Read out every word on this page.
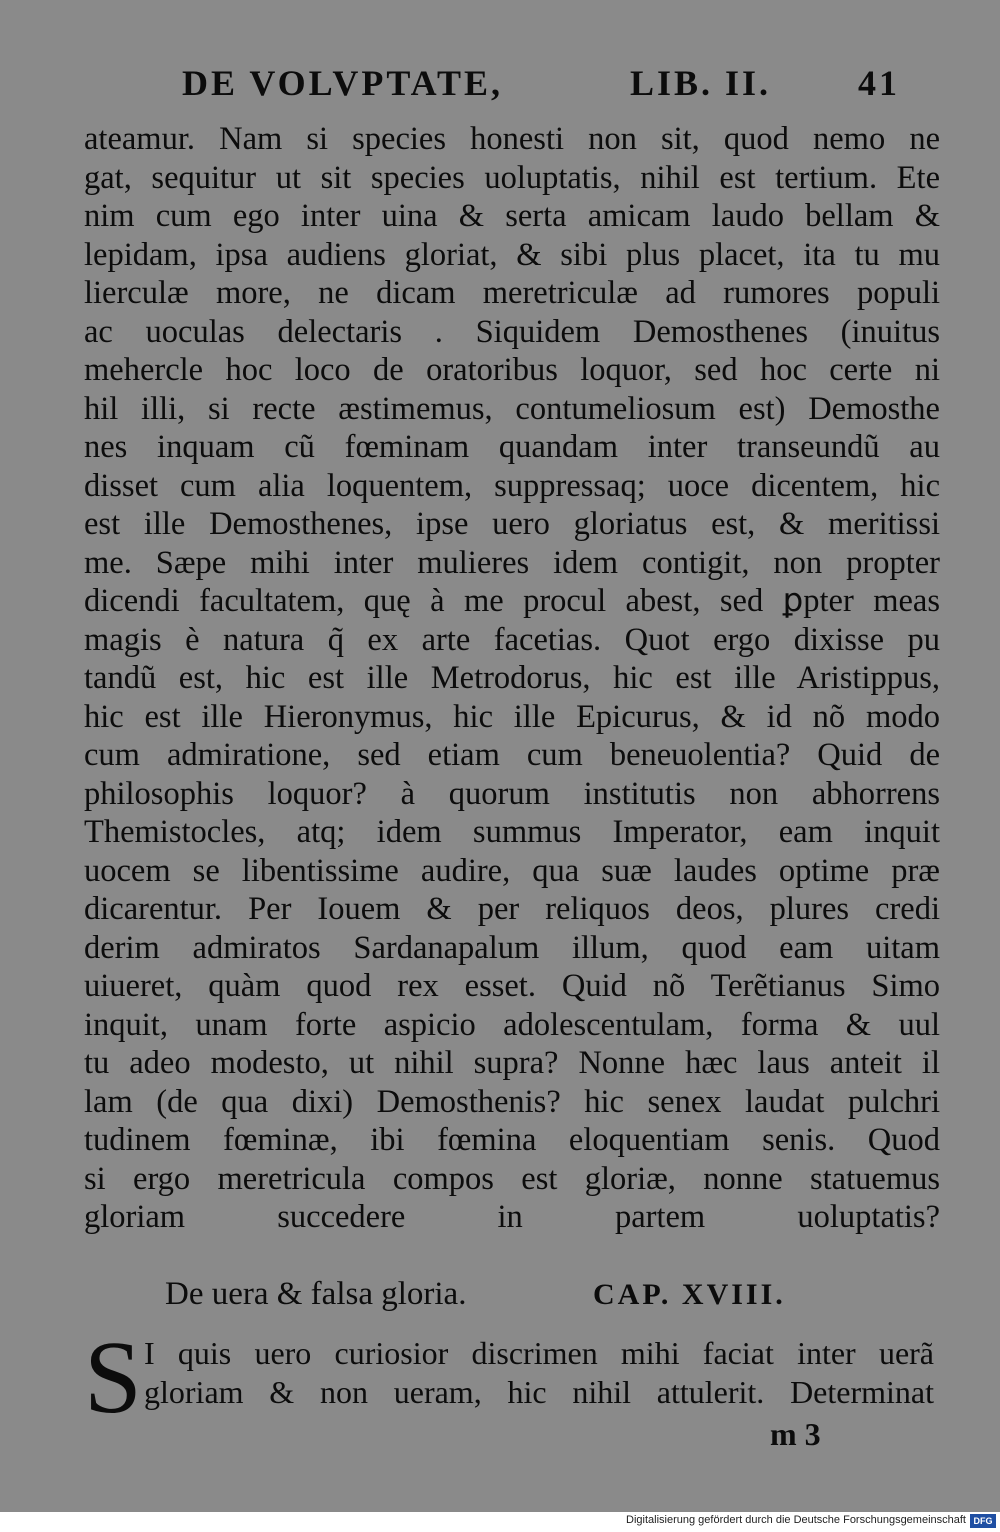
DE VOLVPTATE,	LIB. II. 41
ateamur. Nam si species honesti non sit, quod nemo ne
gat, sequitur ut sit species uoluptatis, nihil est tertium. Ete
nim cum ego inter uina & serta amicam laudo bellam &
lepidam, ipsa audiens gloriat, & sibi plus placet, ita tu mu
lierculæ more, ne dicam meretriculæ ad rumores populi
ac uoculas delectaris . Siquidem Demosthenes (inuitus
mehercle hoc loco de oratoribus loquor, sed hoc certe ni
hil illi, si recte æstimemus, contumeliosum est) Demosthe
nes inquam cũ fœminam quandam inter transeundũ au
disset cum alia loquentem, suppressaq; uoce dicentem, hic
est ille Demosthenes, ipse uero gloriatus est, & meritissi
me. Sæpe mihi inter mulieres idem contigit, non propter
dicendi facultatem, quę à me procul abest, sed ꝑpter meas
magis è natura q̃ ex arte facetias. Quot ergo dixisse pu
tandũ est, hic est ille Metrodorus, hic est ille Aristippus,
hic est ille Hieronymus, hic ille Epicurus, & id nõ modo
cum admiratione, sed etiam cum beneuolentia? Quid de
philosophis loquor? à quorum institutis non abhorrens
Themistocles, atq; idem summus Imperator, eam inquit
uocem se libentissime audire, qua suæ laudes optime præ
dicarentur. Per Iouem & per reliquos deos, plures credi
derim admiratos Sardanapalum illum, quod eam uitam
uiueret, quàm quod rex esset. Quid nõ Terẽtianus Simo
inquit, unam forte aspicio adolescentulam, forma & uul
tu adeo modesto, ut nihil supra? Nonne hæc laus anteit il
lam (de qua dixi) Demosthenis? hic senex laudat pulchri
tudinem fœminæ, ibi fœmina eloquentiam senis. Quod
si ergo meretricula compos est gloriæ, nonne statuemus
gloriam succedere in partem uoluptatis?
De uera & falsa gloria.	CAP. XVIII.
S I quis uero curiosior discrimen mihi faciat inter uerã
gloriam & non ueram, hic nihil attulerit. Determinat
m 3
Digitalisierung gefördert durch die Deutsche Forschungsgemeinschaft DFG
